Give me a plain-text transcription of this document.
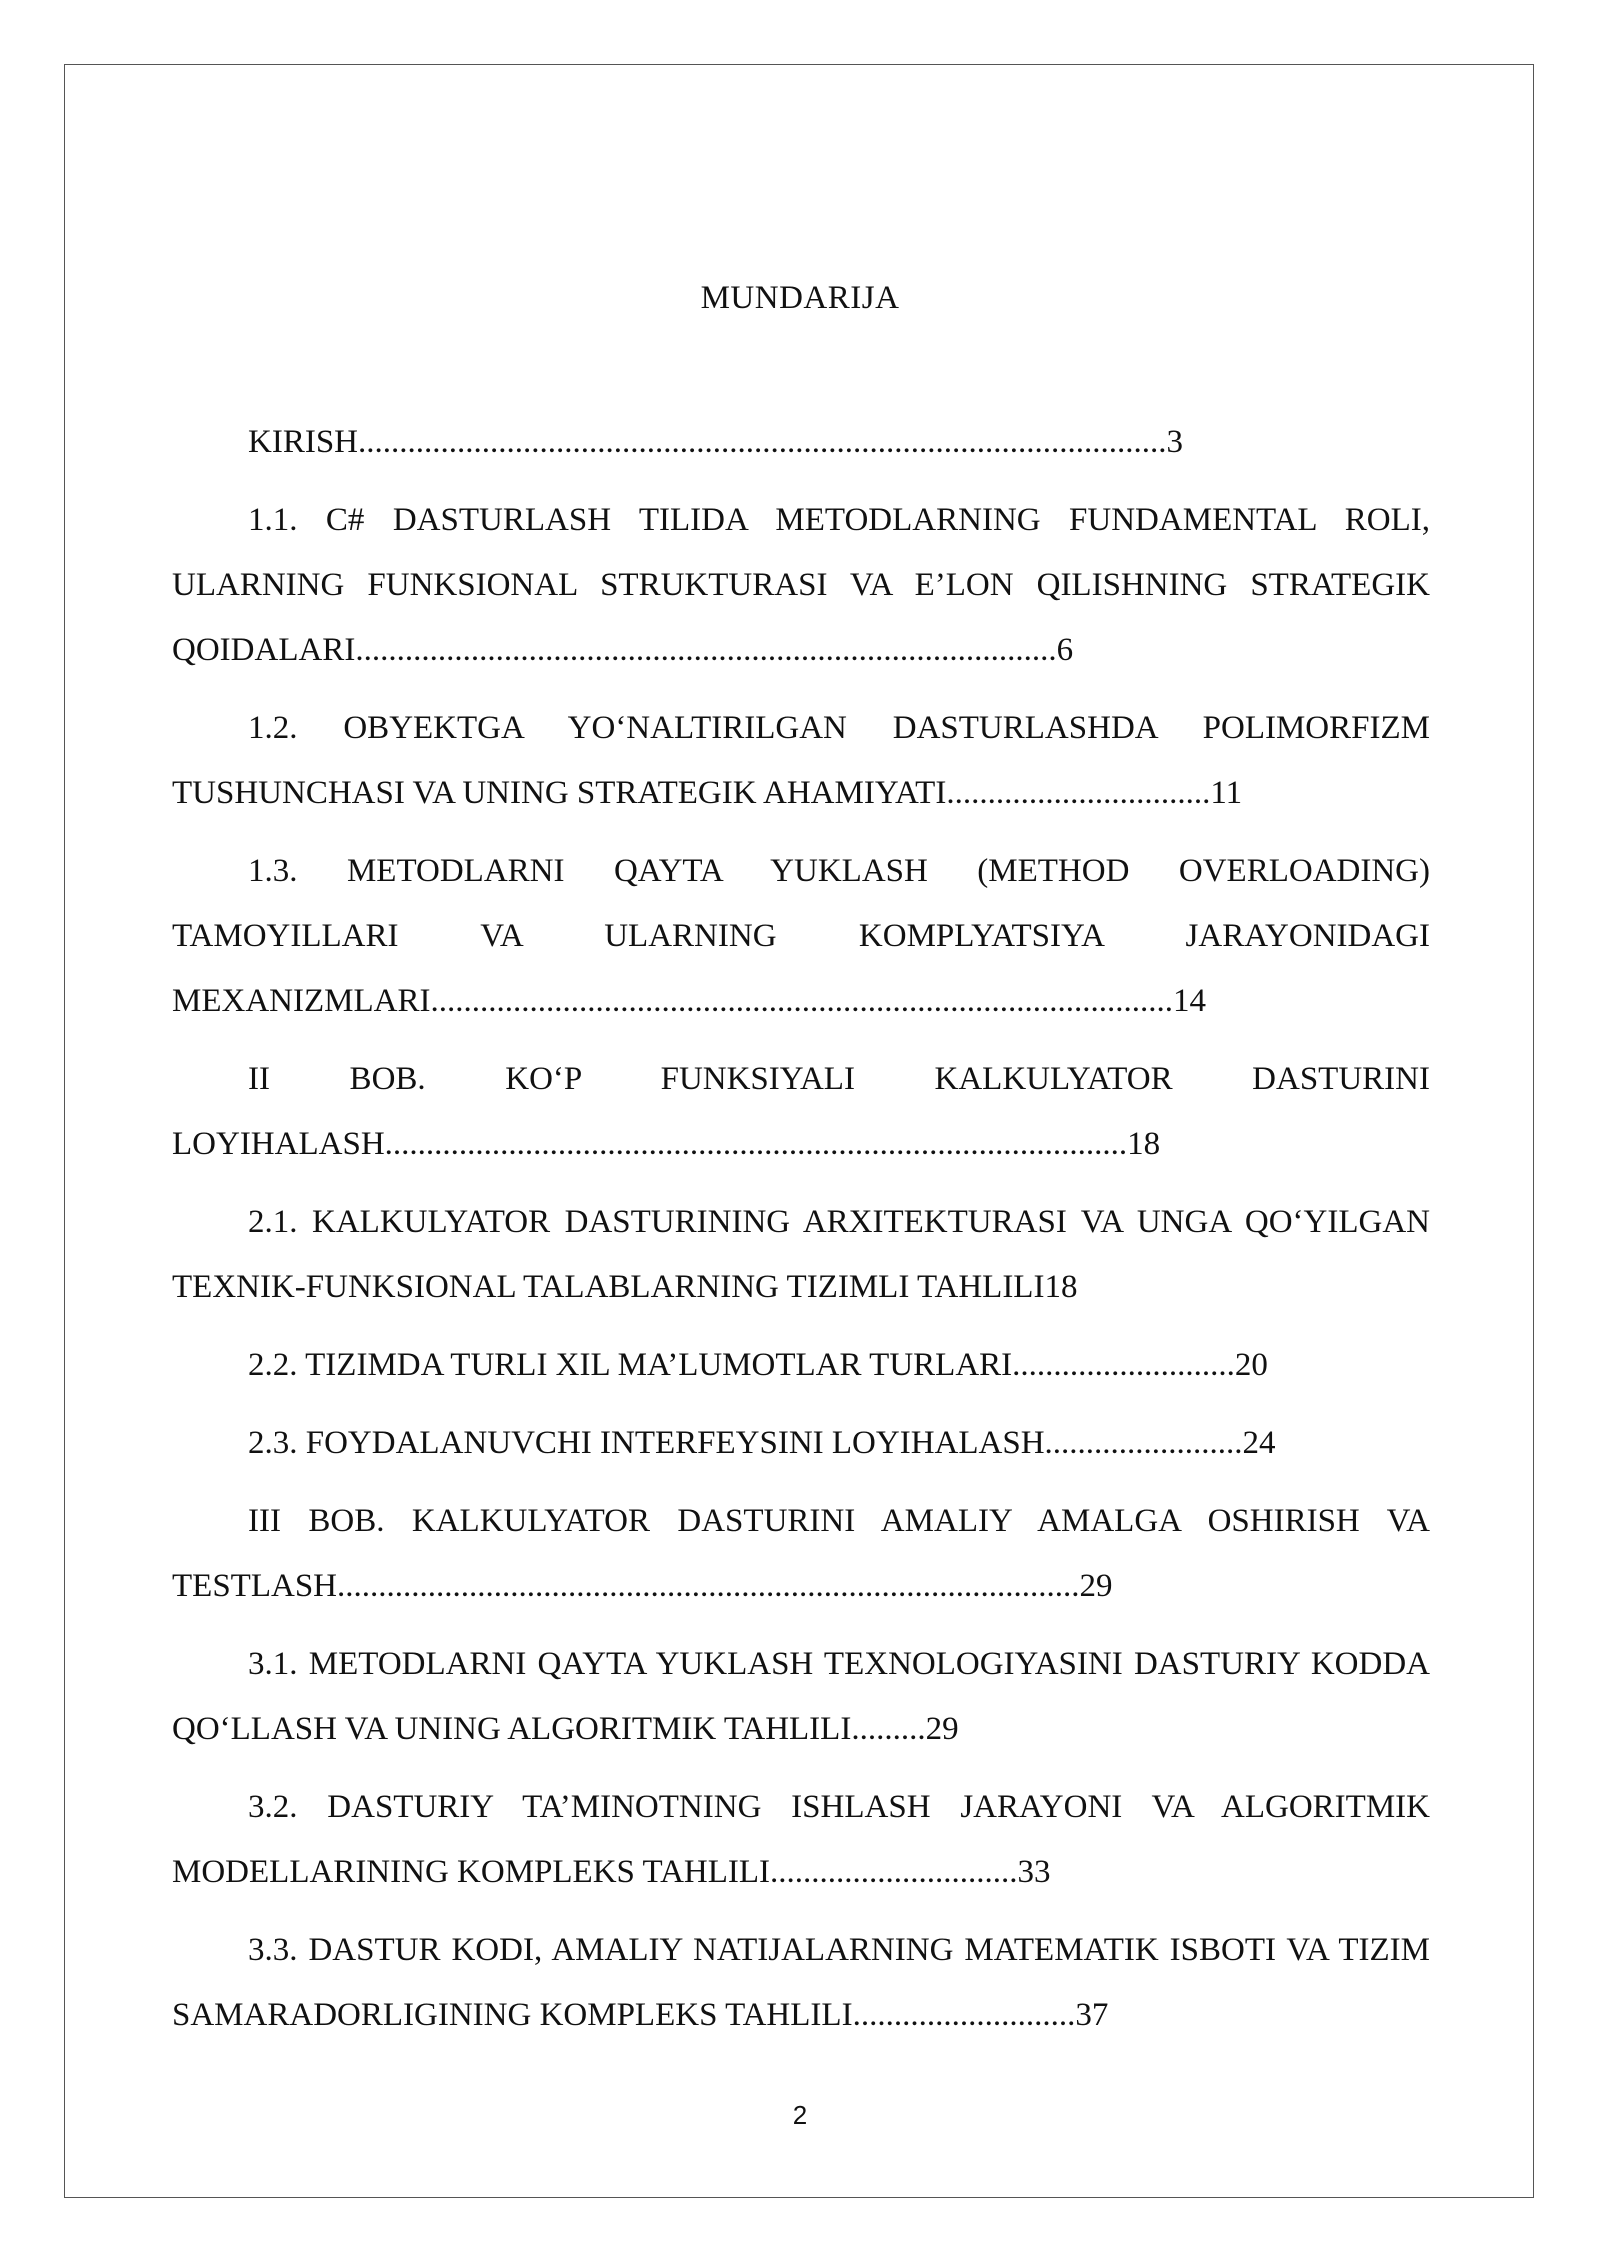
MUNDARIJA

KIRISH..................................................................................................3

1.1. C# DASTURLASH TILIDA METODLARNING FUNDAMENTAL ROLI, ULARNING FUNKSIONAL STRUKTURASI VA E’LON QILISHNING STRATEGIK QOIDALARI.....................................................................................6

1.2. OBYEKTGA YO‘NALTIRILGAN DASTURLASHDA POLIMORFIZM TUSHUNCHASI VA UNING STRATEGIK AHAMIYATI................................11

1.3. METODLARNI QAYTA YUKLASH (METHOD OVERLOADING) TAMOYILLARI VA ULARNING KOMPLYATSIYA JARAYONIDAGI MEXANIZMLARI..........................................................................................14

II BOB. KO‘P FUNKSIYALI KALKULYATOR DASTURINI LOYIHALASH..........................................................................................18

2.1. KALKULYATOR DASTURINING ARXITEKTURASI VA UNGA QO‘YILGAN TEXNIK-FUNKSIONAL TALABLARNING TIZIMLI TAHLILI18

2.2. TIZIMDA TURLI XIL MA’LUMOTLAR TURLARI...........................20

2.3. FOYDALANUVCHI INTERFEYSINI LOYIHALASH........................24

III BOB. KALKULYATOR DASTURINI AMALIY AMALGA OSHIRISH VA TESTLASH..........................................................................................29

3.1. METODLARNI QAYTA YUKLASH TEXNOLOGIYASINI DASTURIY KODDA QO‘LLASH VA UNING ALGORITMIK TAHLILI.........29

3.2. DASTURIY TA’MINOTNING ISHLASH JARAYONI VA ALGORITMIK MODELLARINING KOMPLEKS TAHLILI..............................33

3.3. DASTUR KODI, AMALIY NATIJALARNING MATEMATIK ISBOTI VA TIZIM SAMARADORLIGINING KOMPLEKS TAHLILI...........................37

2
